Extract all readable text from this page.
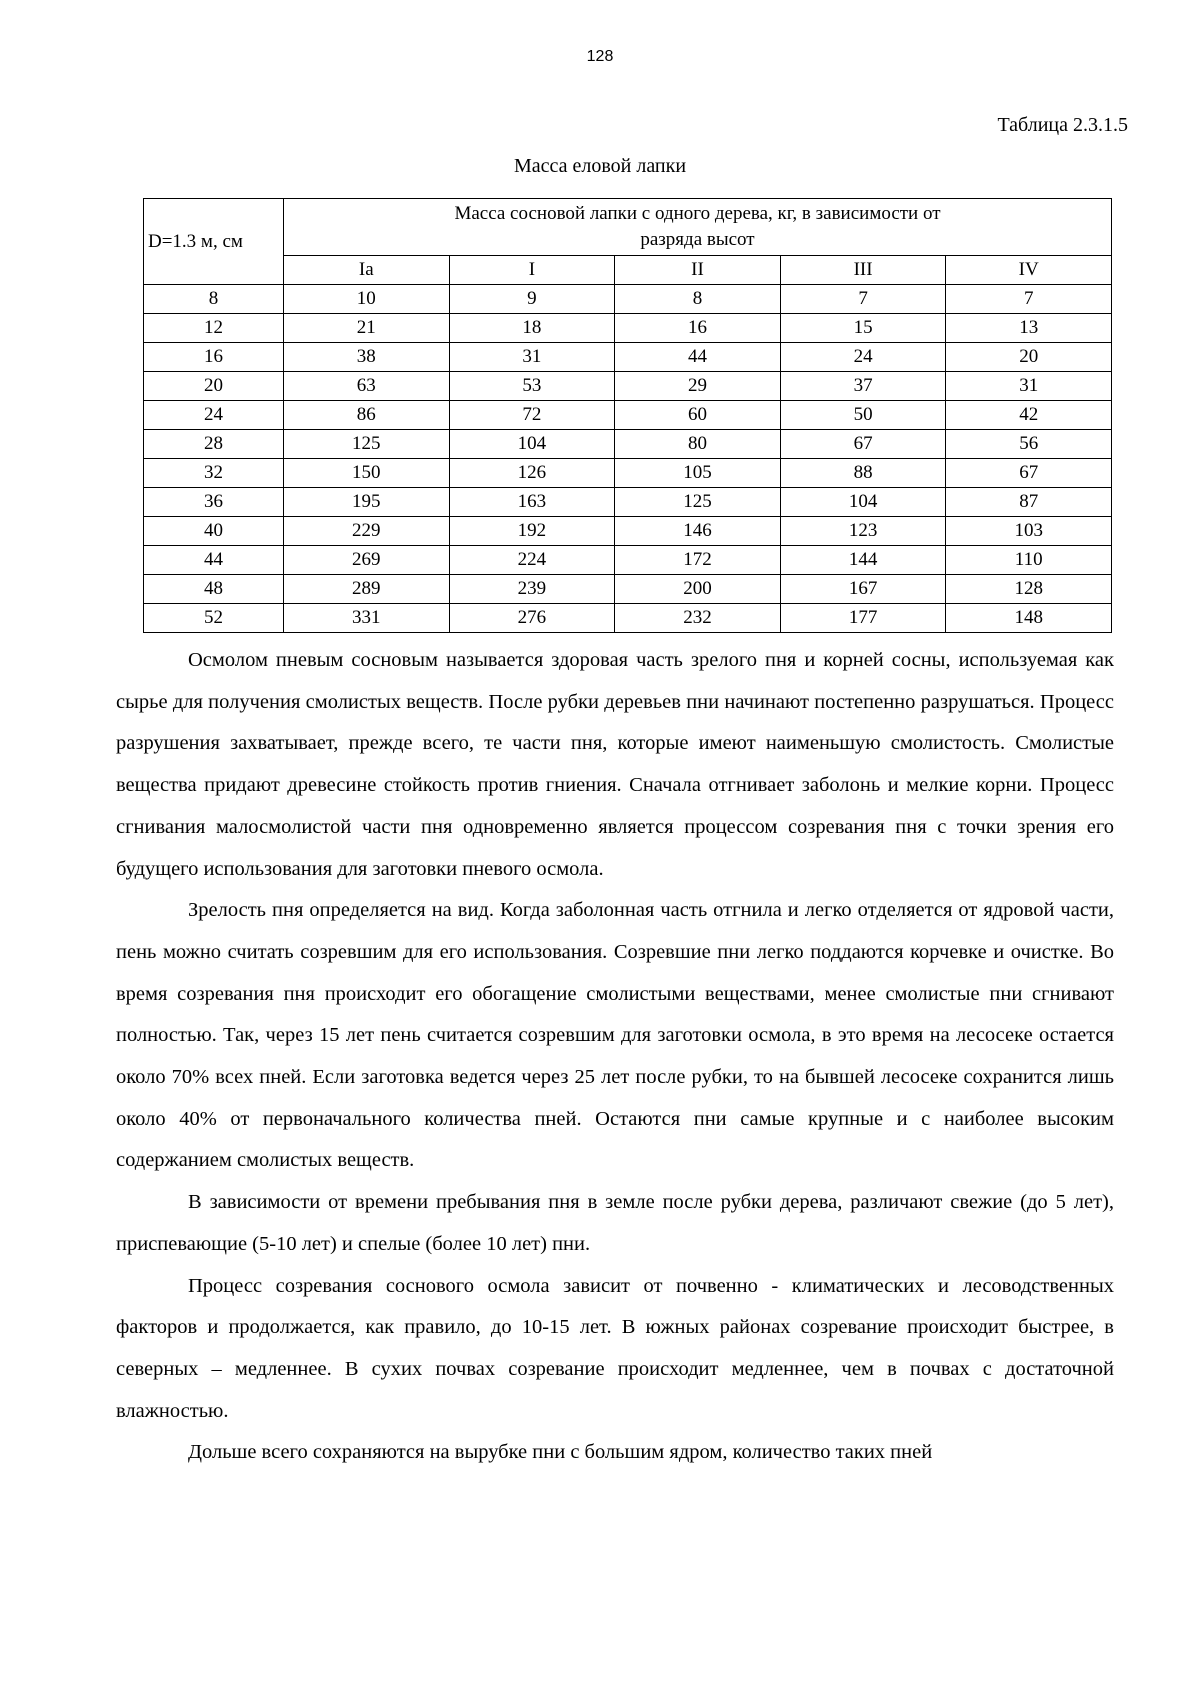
128
Таблица 2.3.1.5
Масса еловой лапки
D=1.3 м, см	Масса сосновой лапки с одного дерева, кг, в зависимости от разряда высот				
	Ia	I	II	III	IV
8	10	9	8	7	7
12	21	18	16	15	13
16	38	31	44	24	20
20	63	53	29	37	31
24	86	72	60	50	42
28	125	104	80	67	56
32	150	126	105	88	67
36	195	163	125	104	87
40	229	192	146	123	103
44	269	224	172	144	110
48	289	239	200	167	128
52	331	276	232	177	148

Осмолом пневым сосновым называется здоровая часть зрелого пня и корней сосны, используемая как сырье для получения смолистых веществ. После рубки деревьев пни начинают постепенно разрушаться. Процесс разрушения захватывает, прежде всего, те части пня, которые имеют наименьшую смолистость. Смолистые вещества придают древесине стойкость против гниения. Сначала отгнивает заболонь и мелкие корни. Процесс сгнивания малосмолистой части пня одновременно является процессом созревания пня с точки зрения его будущего использования для заготовки пневого осмола.

Зрелость пня определяется на вид. Когда заболонная часть отгнила и легко отделяется от ядровой части, пень можно считать созревшим для его использования. Созревшие пни легко поддаются корчевке и очистке. Во время созревания пня происходит его обогащение смолистыми веществами, менее смолистые пни сгнивают полностью. Так, через 15 лет пень считается созревшим для заготовки осмола, в это время на лесосеке остается около 70% всех пней. Если заготовка ведется через 25 лет после рубки, то на бывшей лесосеке сохранится лишь около 40% от первоначального количества пней. Остаются пни самые крупные и с наиболее высоким содержанием смолистых веществ.

В зависимости от времени пребывания пня в земле после рубки дерева, различают свежие (до 5 лет), приспевающие (5-10 лет) и спелые (более 10 лет) пни.

Процесс созревания соснового осмола зависит от почвенно - климатических и лесоводственных факторов и продолжается, как правило, до 10-15 лет. В южных районах созревание происходит быстрее, в северных – медленнее. В сухих почвах созревание происходит медленнее, чем в почвах с достаточной влажностью.

Дольше всего сохраняются на вырубке пни с большим ядром, количество таких пней
